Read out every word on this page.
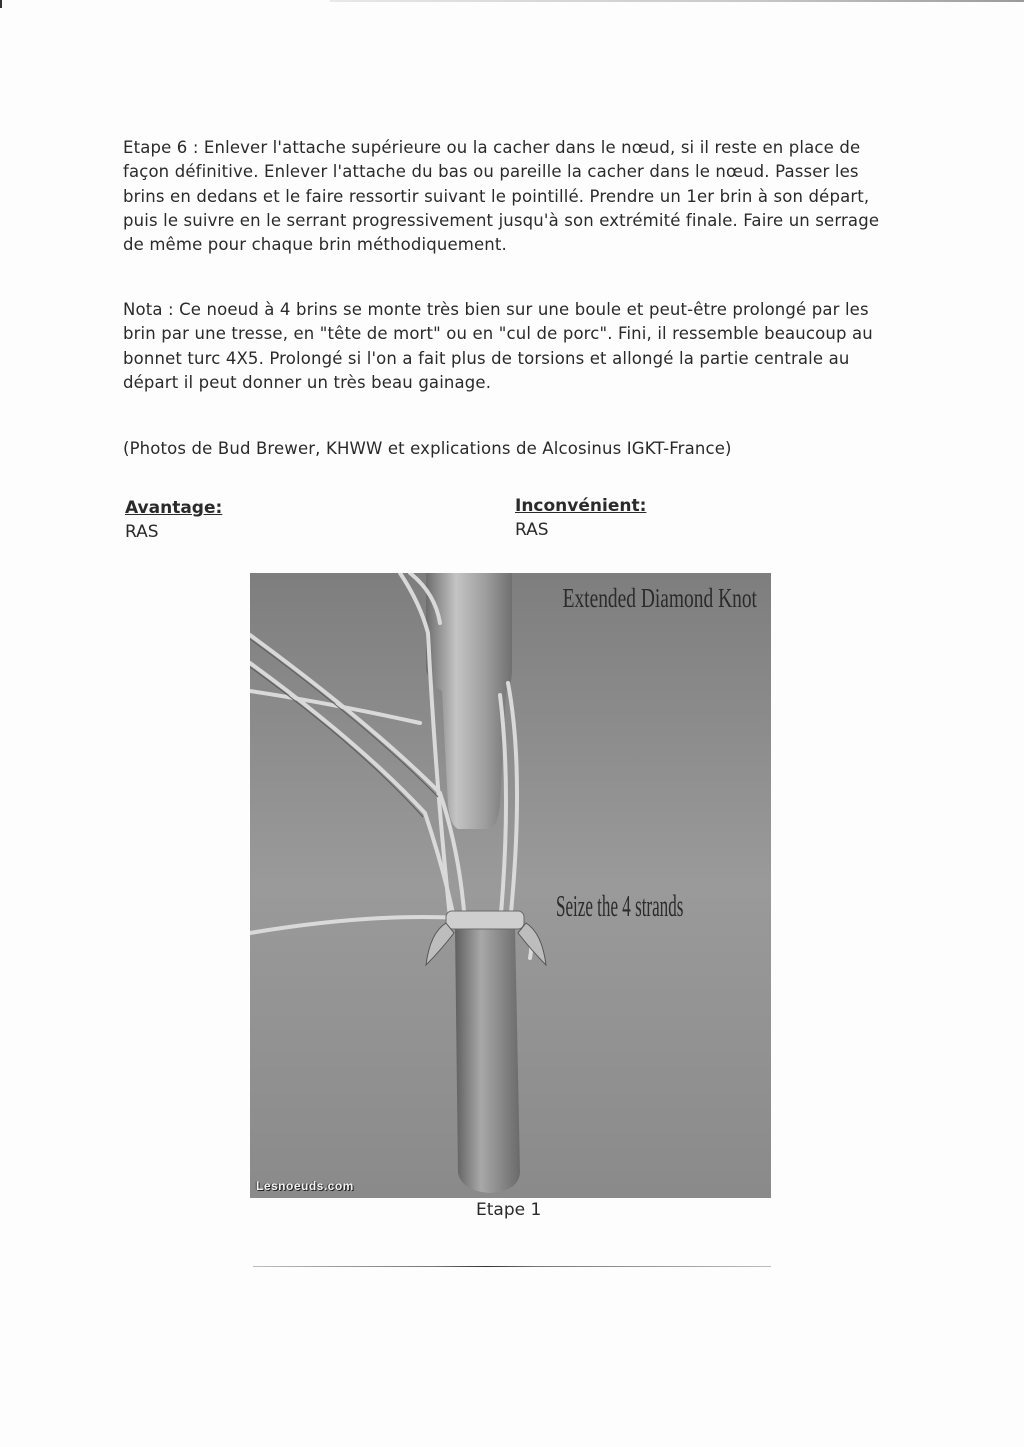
Etape 6 : Enlever l'attache supérieure ou la cacher dans le nœud, si il reste en place de façon définitive. Enlever l'attache du bas ou pareille la cacher dans le nœud. Passer les brins en dedans et le faire ressortir suivant le pointillé. Prendre un 1er brin à son départ, puis le suivre en le serrant progressivement jusqu'à son extrémité finale. Faire un serrage de même pour chaque brin méthodiquement.

Nota : Ce noeud à 4 brins se monte très bien sur une boule et peut-être prolongé par les brin par une tresse, en "tête de mort" ou en "cul de porc". Fini, il ressemble beaucoup au bonnet turc 4X5. Prolongé si l'on a fait plus de torsions et allongé la partie centrale au départ il peut donner un très beau gainage.

(Photos de Bud Brewer, KHWW et explications de Alcosinus IGKT-France)

Avantage:
RAS
Inconvénient:
RAS
Extended Diamond Knot
Seize the 4 strands
Lesnoeuds.com
Etape 1
